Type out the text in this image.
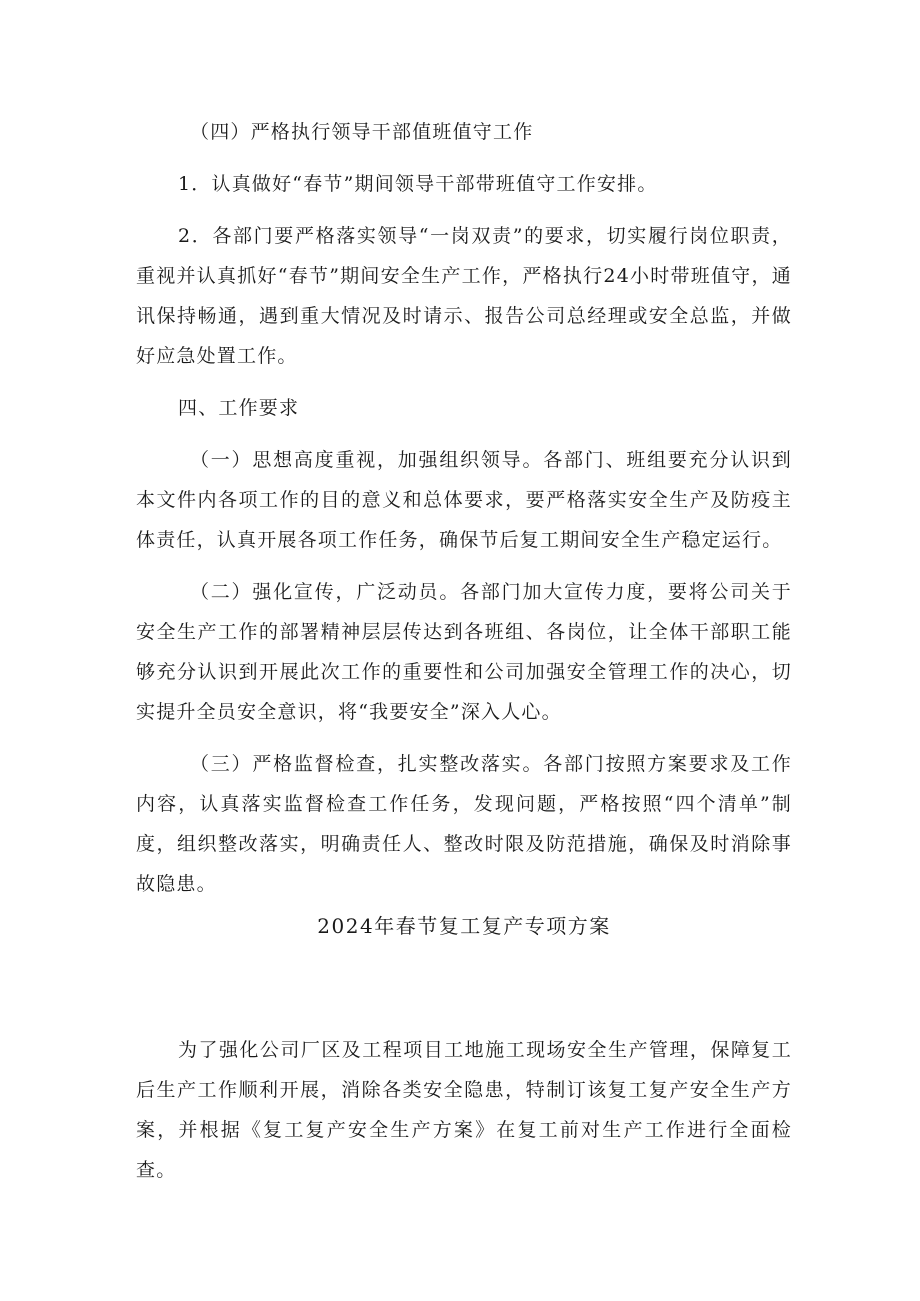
（四）严格执行领导干部值班值守工作

1．认真做好“春节”期间领导干部带班值守工作安排。

2．各部门要严格落实领导“一岗双责”的要求，切实履行岗位职责，重视并认真抓好“春节”期间安全生产工作，严格执行24小时带班值守，通讯保持畅通，遇到重大情况及时请示、报告公司总经理或安全总监，并做好应急处置工作。

四、工作要求

（一）思想高度重视，加强组织领导。各部门、班组要充分认识到本文件内各项工作的目的意义和总体要求，要严格落实安全生产及防疫主体责任，认真开展各项工作任务，确保节后复工期间安全生产稳定运行。

（二）强化宣传，广泛动员。各部门加大宣传力度，要将公司关于安全生产工作的部署精神层层传达到各班组、各岗位，让全体干部职工能够充分认识到开展此次工作的重要性和公司加强安全管理工作的决心，切实提升全员安全意识，将“我要安全”深入人心。

（三）严格监督检查，扎实整改落实。各部门按照方案要求及工作内容，认真落实监督检查工作任务，发现问题，严格按照“四个清单”制度，组织整改落实，明确责任人、整改时限及防范措施，确保及时消除事故隐患。

2024年春节复工复产专项方案

为了强化公司厂区及工程项目工地施工现场安全生产管理，保障复工后生产工作顺利开展，消除各类安全隐患，特制订该复工复产安全生产方案，并根据《复工复产安全生产方案》在复工前对生产工作进行全面检查。
